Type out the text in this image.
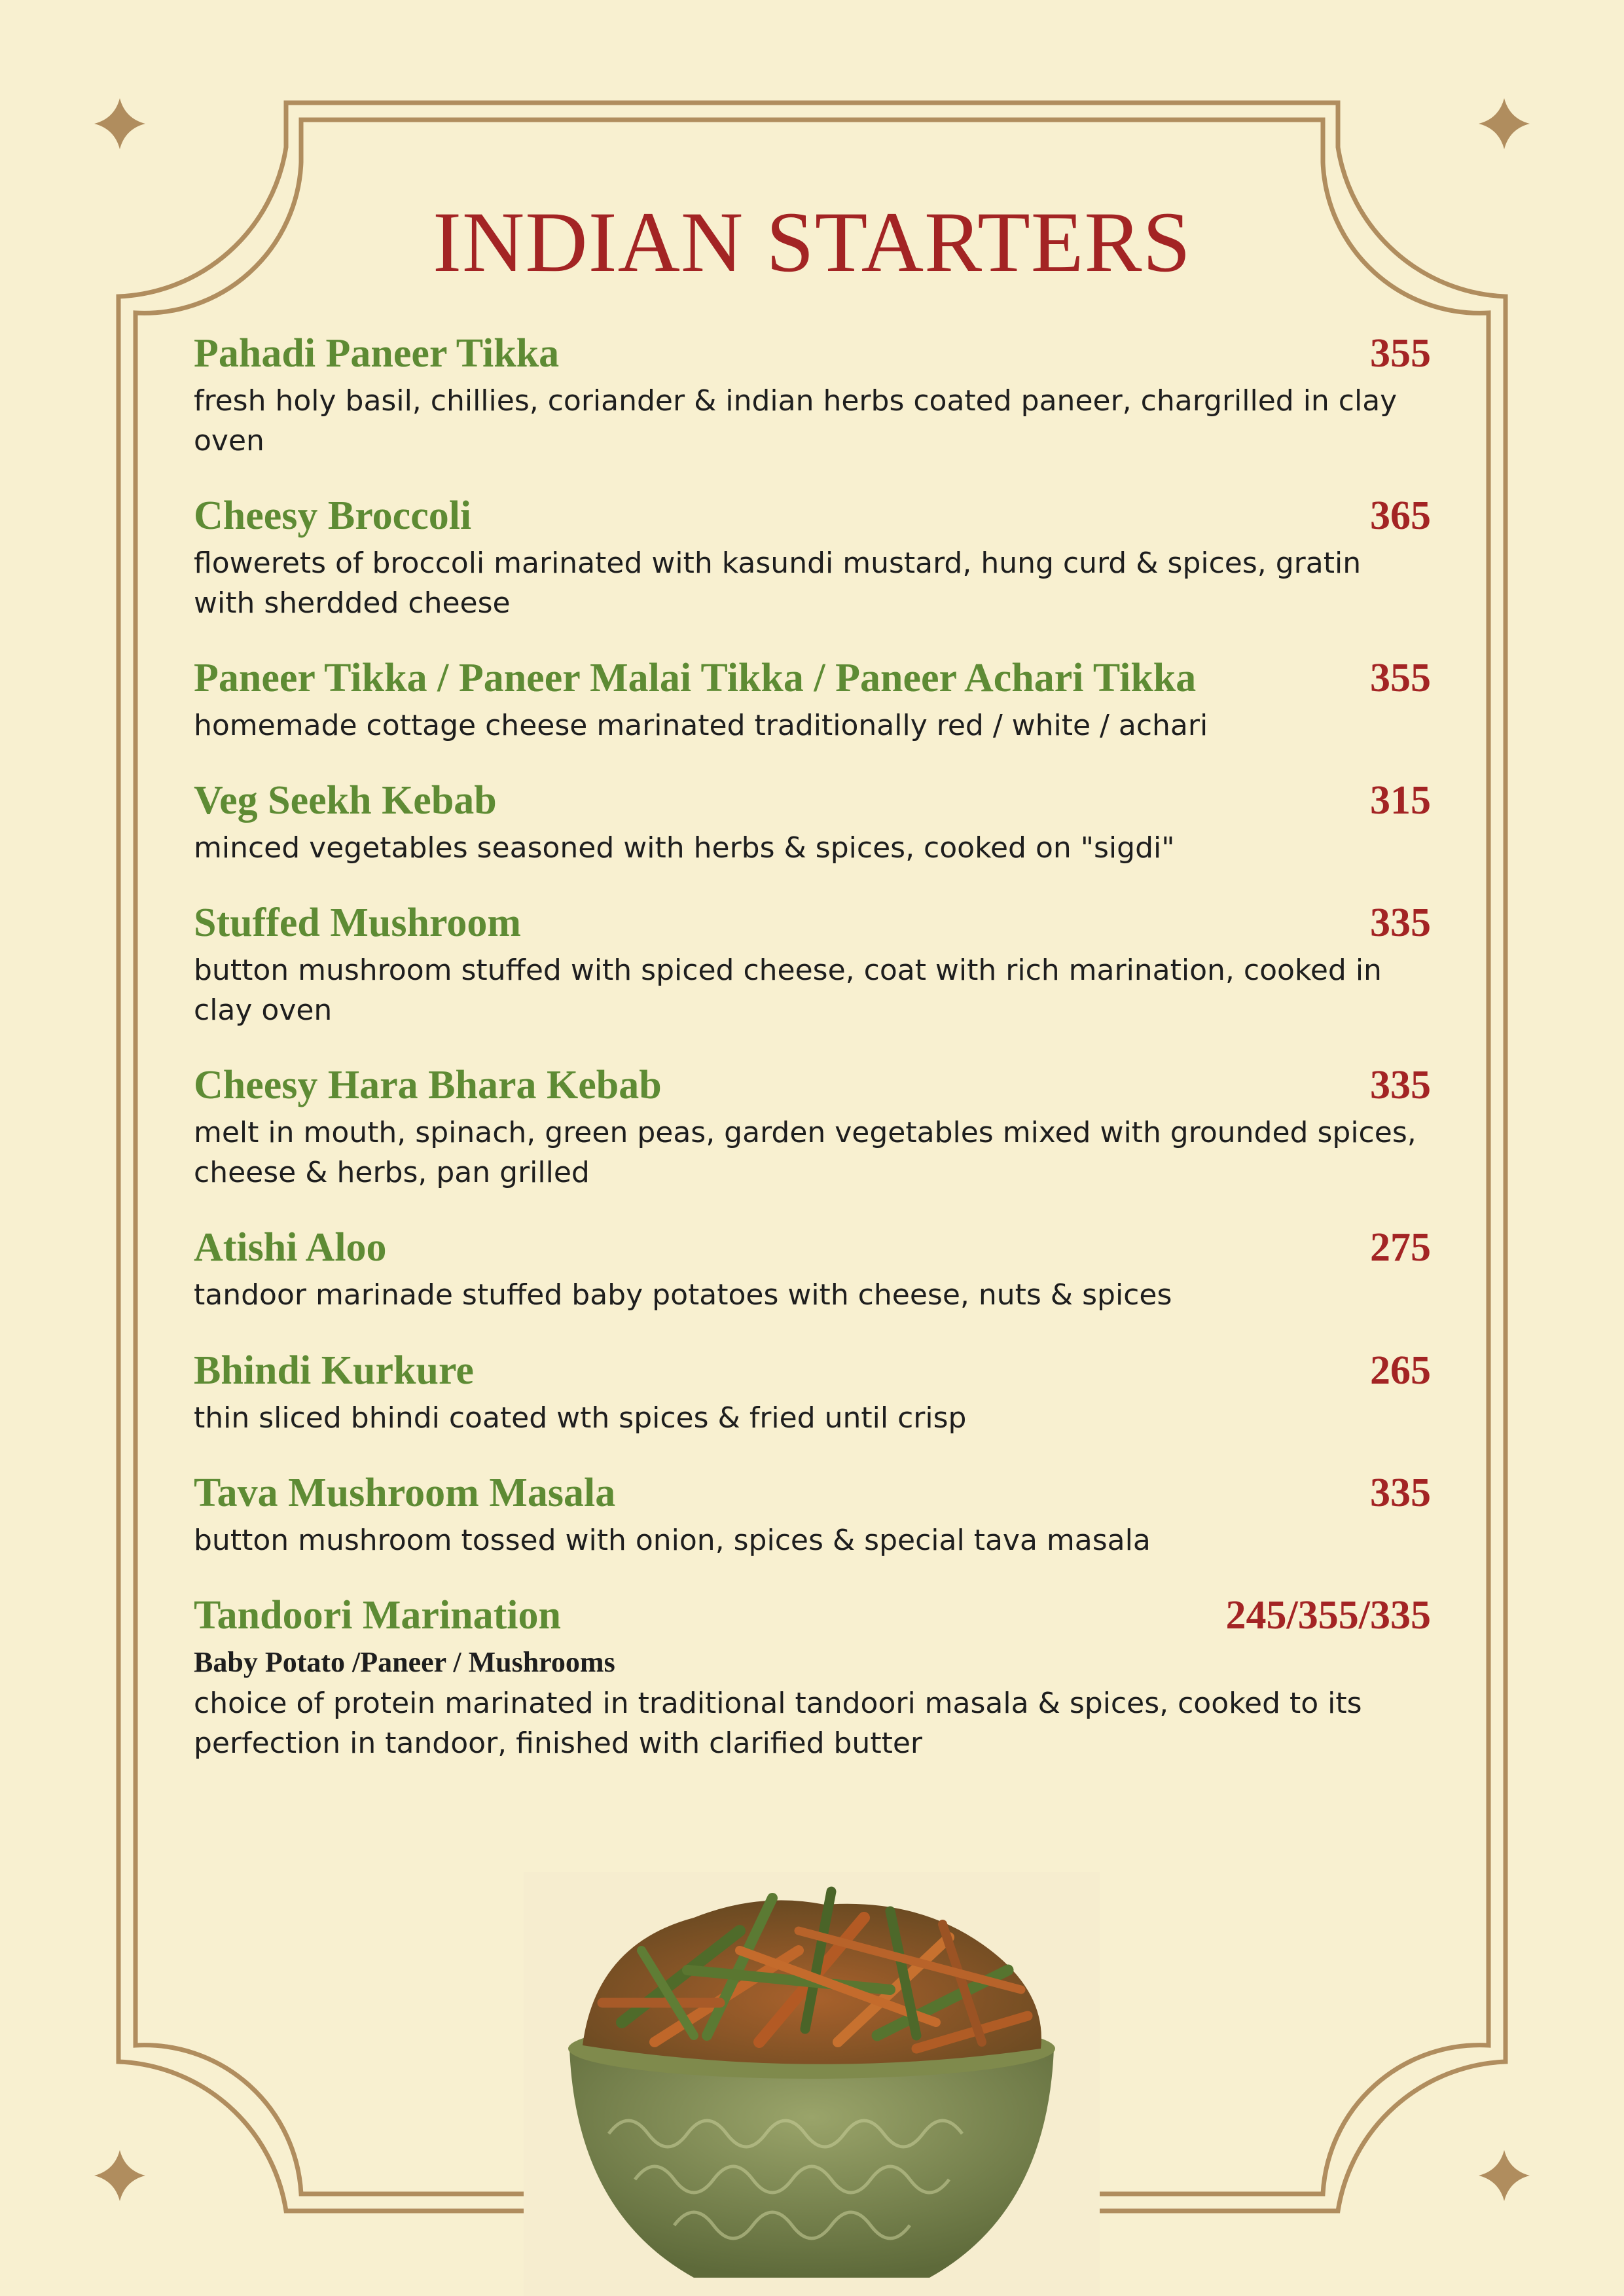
INDIAN STARTERS
Pahadi Paneer Tikka	355
fresh holy basil, chillies, coriander & indian herbs coated paneer, chargrilled in clay oven
Cheesy Broccoli	365
flowerets of broccoli marinated with kasundi mustard, hung curd & spices, gratin with sherdded cheese
Paneer Tikka / Paneer Malai Tikka / Paneer Achari Tikka	355
homemade cottage cheese marinated traditionally red / white / achari
Veg Seekh Kebab	315
minced vegetables seasoned with herbs & spices, cooked on "sigdi"
Stuffed Mushroom	335
button mushroom stuffed with spiced cheese, coat with rich marination, cooked in clay oven
Cheesy Hara Bhara Kebab	335
melt in mouth, spinach, green peas, garden vegetables mixed with grounded spices, cheese & herbs, pan grilled
Atishi Aloo	275
tandoor marinade stuffed baby potatoes with cheese, nuts & spices
Bhindi Kurkure	265
thin sliced bhindi coated wth spices & fried until crisp
Tava Mushroom Masala	335
button mushroom tossed with onion, spices & special tava masala
Tandoori Marination	245/355/335
Baby Potato /Paneer / Mushrooms
choice of protein marinated in traditional tandoori masala & spices, cooked to its perfection in tandoor, finished with clarified butter
